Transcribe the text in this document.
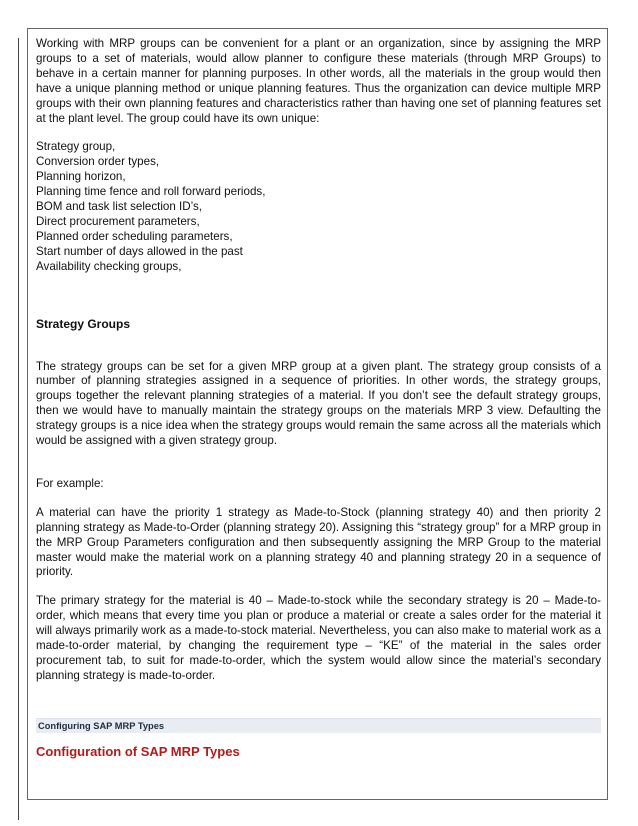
Working with MRP groups can be convenient for a plant or an organization, since by assigning the MRP groups to a set of materials, would allow planner to configure these materials (through MRP Groups) to behave in a certain manner for planning purposes. In other words, all the materials in the group would then have a unique planning method or unique planning features. Thus the organization can device multiple MRP groups with their own planning features and characteristics rather than having one set of planning features set at the plant level. The group could have its own unique:

Strategy group,
Conversion order types,
Planning horizon,
Planning time fence and roll forward periods,
BOM and task list selection ID’s,
Direct procurement parameters,
Planned order scheduling parameters,
Start number of days allowed in the past
Availability checking groups,
Strategy Groups

The strategy groups can be set for a given MRP group at a given plant. The strategy group consists of a number of planning strategies assigned in a sequence of priorities. In other words, the strategy groups, groups together the relevant planning strategies of a material. If you don’t see the default strategy groups, then we would have to manually maintain the strategy groups on the materials MRP 3 view. Defaulting the strategy groups is a nice idea when the strategy groups would remain the same across all the materials which would be assigned with a given strategy group.

For example:

A material can have the priority 1 strategy as Made-to-Stock (planning strategy 40) and then priority 2 planning strategy as Made-to-Order (planning strategy 20). Assigning this “strategy group” for a MRP group in the MRP Group Parameters configuration and then subsequently assigning the MRP Group to the material master would make the material work on a planning strategy 40 and planning strategy 20 in a sequence of priority.

The primary strategy for the material is 40 – Made-to-stock while the secondary strategy is 20 – Made-to-order, which means that every time you plan or produce a material or create a sales order for the material it will always primarily work as a made-to-stock material. Nevertheless, you can also make to material work as a made-to-order material, by changing the requirement type – “KE” of the material in the sales order procurement tab, to suit for made-to-order, which the system would allow since the material’s secondary planning strategy is made-to-order.

Configuring SAP MRP Types
Configuration of SAP MRP Types
